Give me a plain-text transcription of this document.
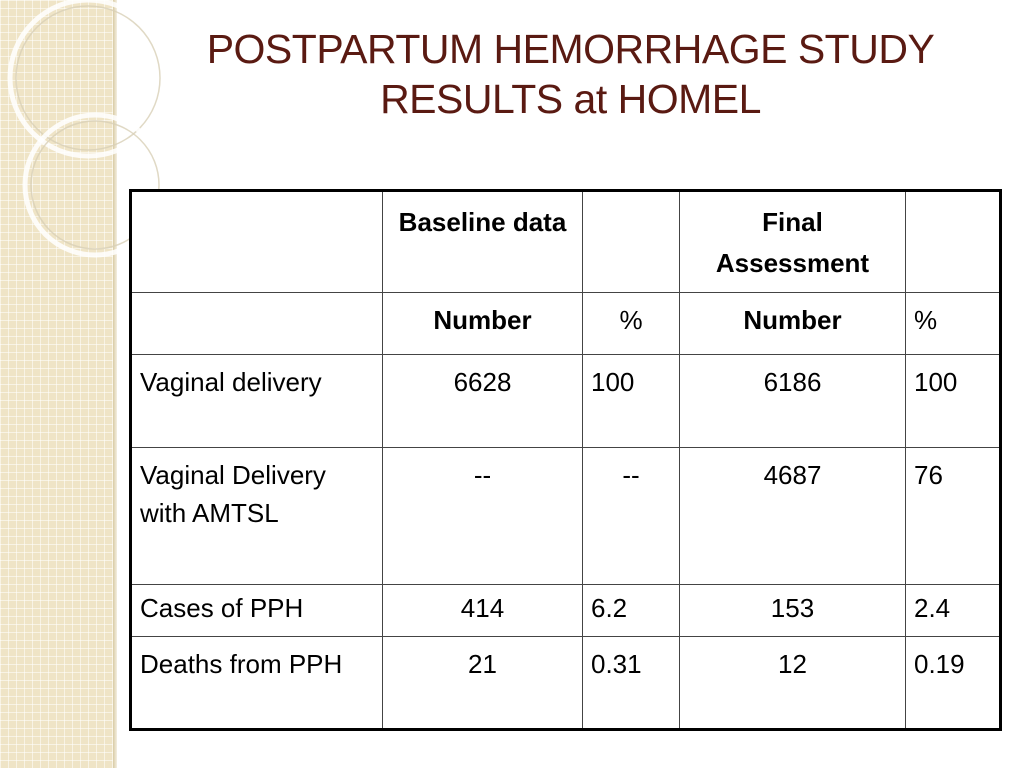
POSTPARTUM HEMORRHAGE STUDY
RESULTS at HOMEL
	Baseline data		Final Assessment	
	Number	%	Number	%
Vaginal delivery	6628	100	6186	100
Vaginal Delivery with AMTSL	--	--	4687	76
Cases of PPH	414	6.2	153	2.4
Deaths from PPH	21	0.31	12	0.19
